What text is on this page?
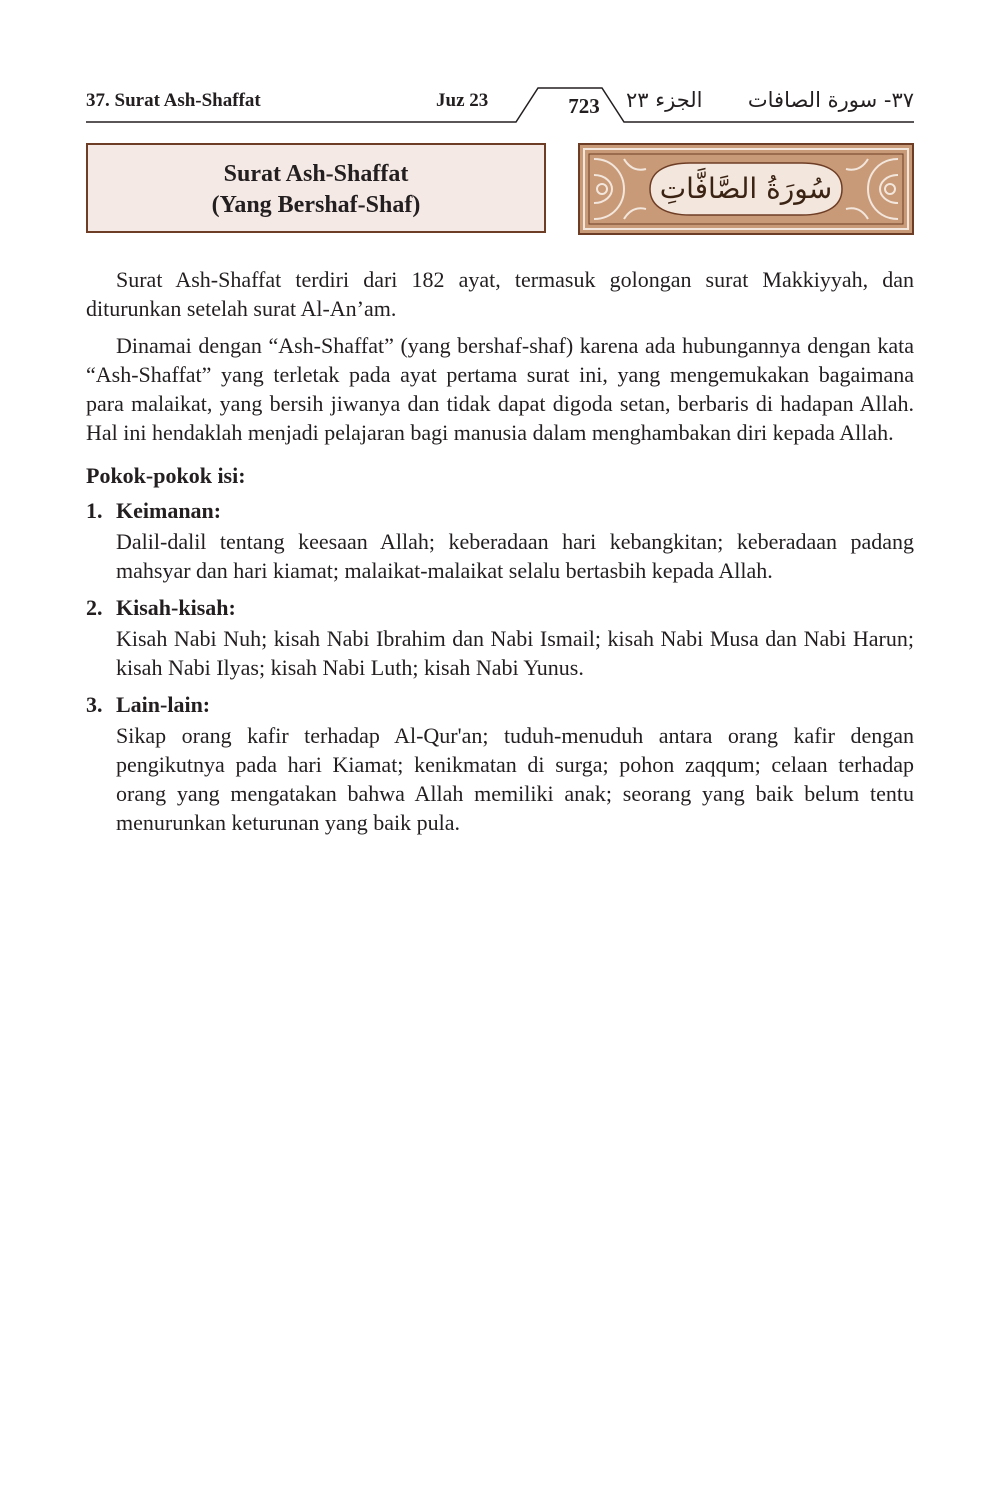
37. Surat Ash-Shaffat	Juz 23	723	الجزء ٢٣ ٣٧- سورة الصافات
Surat Ash-Shaffat
(Yang Bershaf-Shaf)	سُورَةُ الصَّافَّاتِ

Surat Ash-Shaffat terdiri dari 182 ayat, termasuk golongan surat Makkiyyah, dan diturunkan setelah surat Al-An’am.

Dinamai dengan “Ash-Shaffat” (yang bershaf-shaf) karena ada hubungannya dengan kata “Ash-Shaffat” yang terletak pada ayat pertama surat ini, yang mengemukakan bagaimana para malaikat, yang bersih jiwanya dan tidak dapat digoda setan, berbaris di hadapan Allah. Hal ini hendaklah menjadi pelajaran bagi manusia dalam menghambakan diri kepada Allah.

Pokok-pokok isi:
1. Keimanan:
Dalil-dalil tentang keesaan Allah; keberadaan hari kebangkitan; keberadaan padang mahsyar dan hari kiamat; malaikat-malaikat selalu bertasbih kepada Allah.
2. Kisah-kisah:
Kisah Nabi Nuh; kisah Nabi Ibrahim dan Nabi Ismail; kisah Nabi Musa dan Nabi Harun; kisah Nabi Ilyas; kisah Nabi Luth; kisah Nabi Yunus.
3. Lain-lain:
Sikap orang kafir terhadap Al-Qur'an; tuduh-menuduh antara orang kafir dengan pengikutnya pada hari Kiamat; kenikmatan di surga; pohon zaqqum; celaan terhadap orang yang mengatakan bahwa Allah memiliki anak; seorang yang baik belum tentu menurunkan keturunan yang baik pula.
